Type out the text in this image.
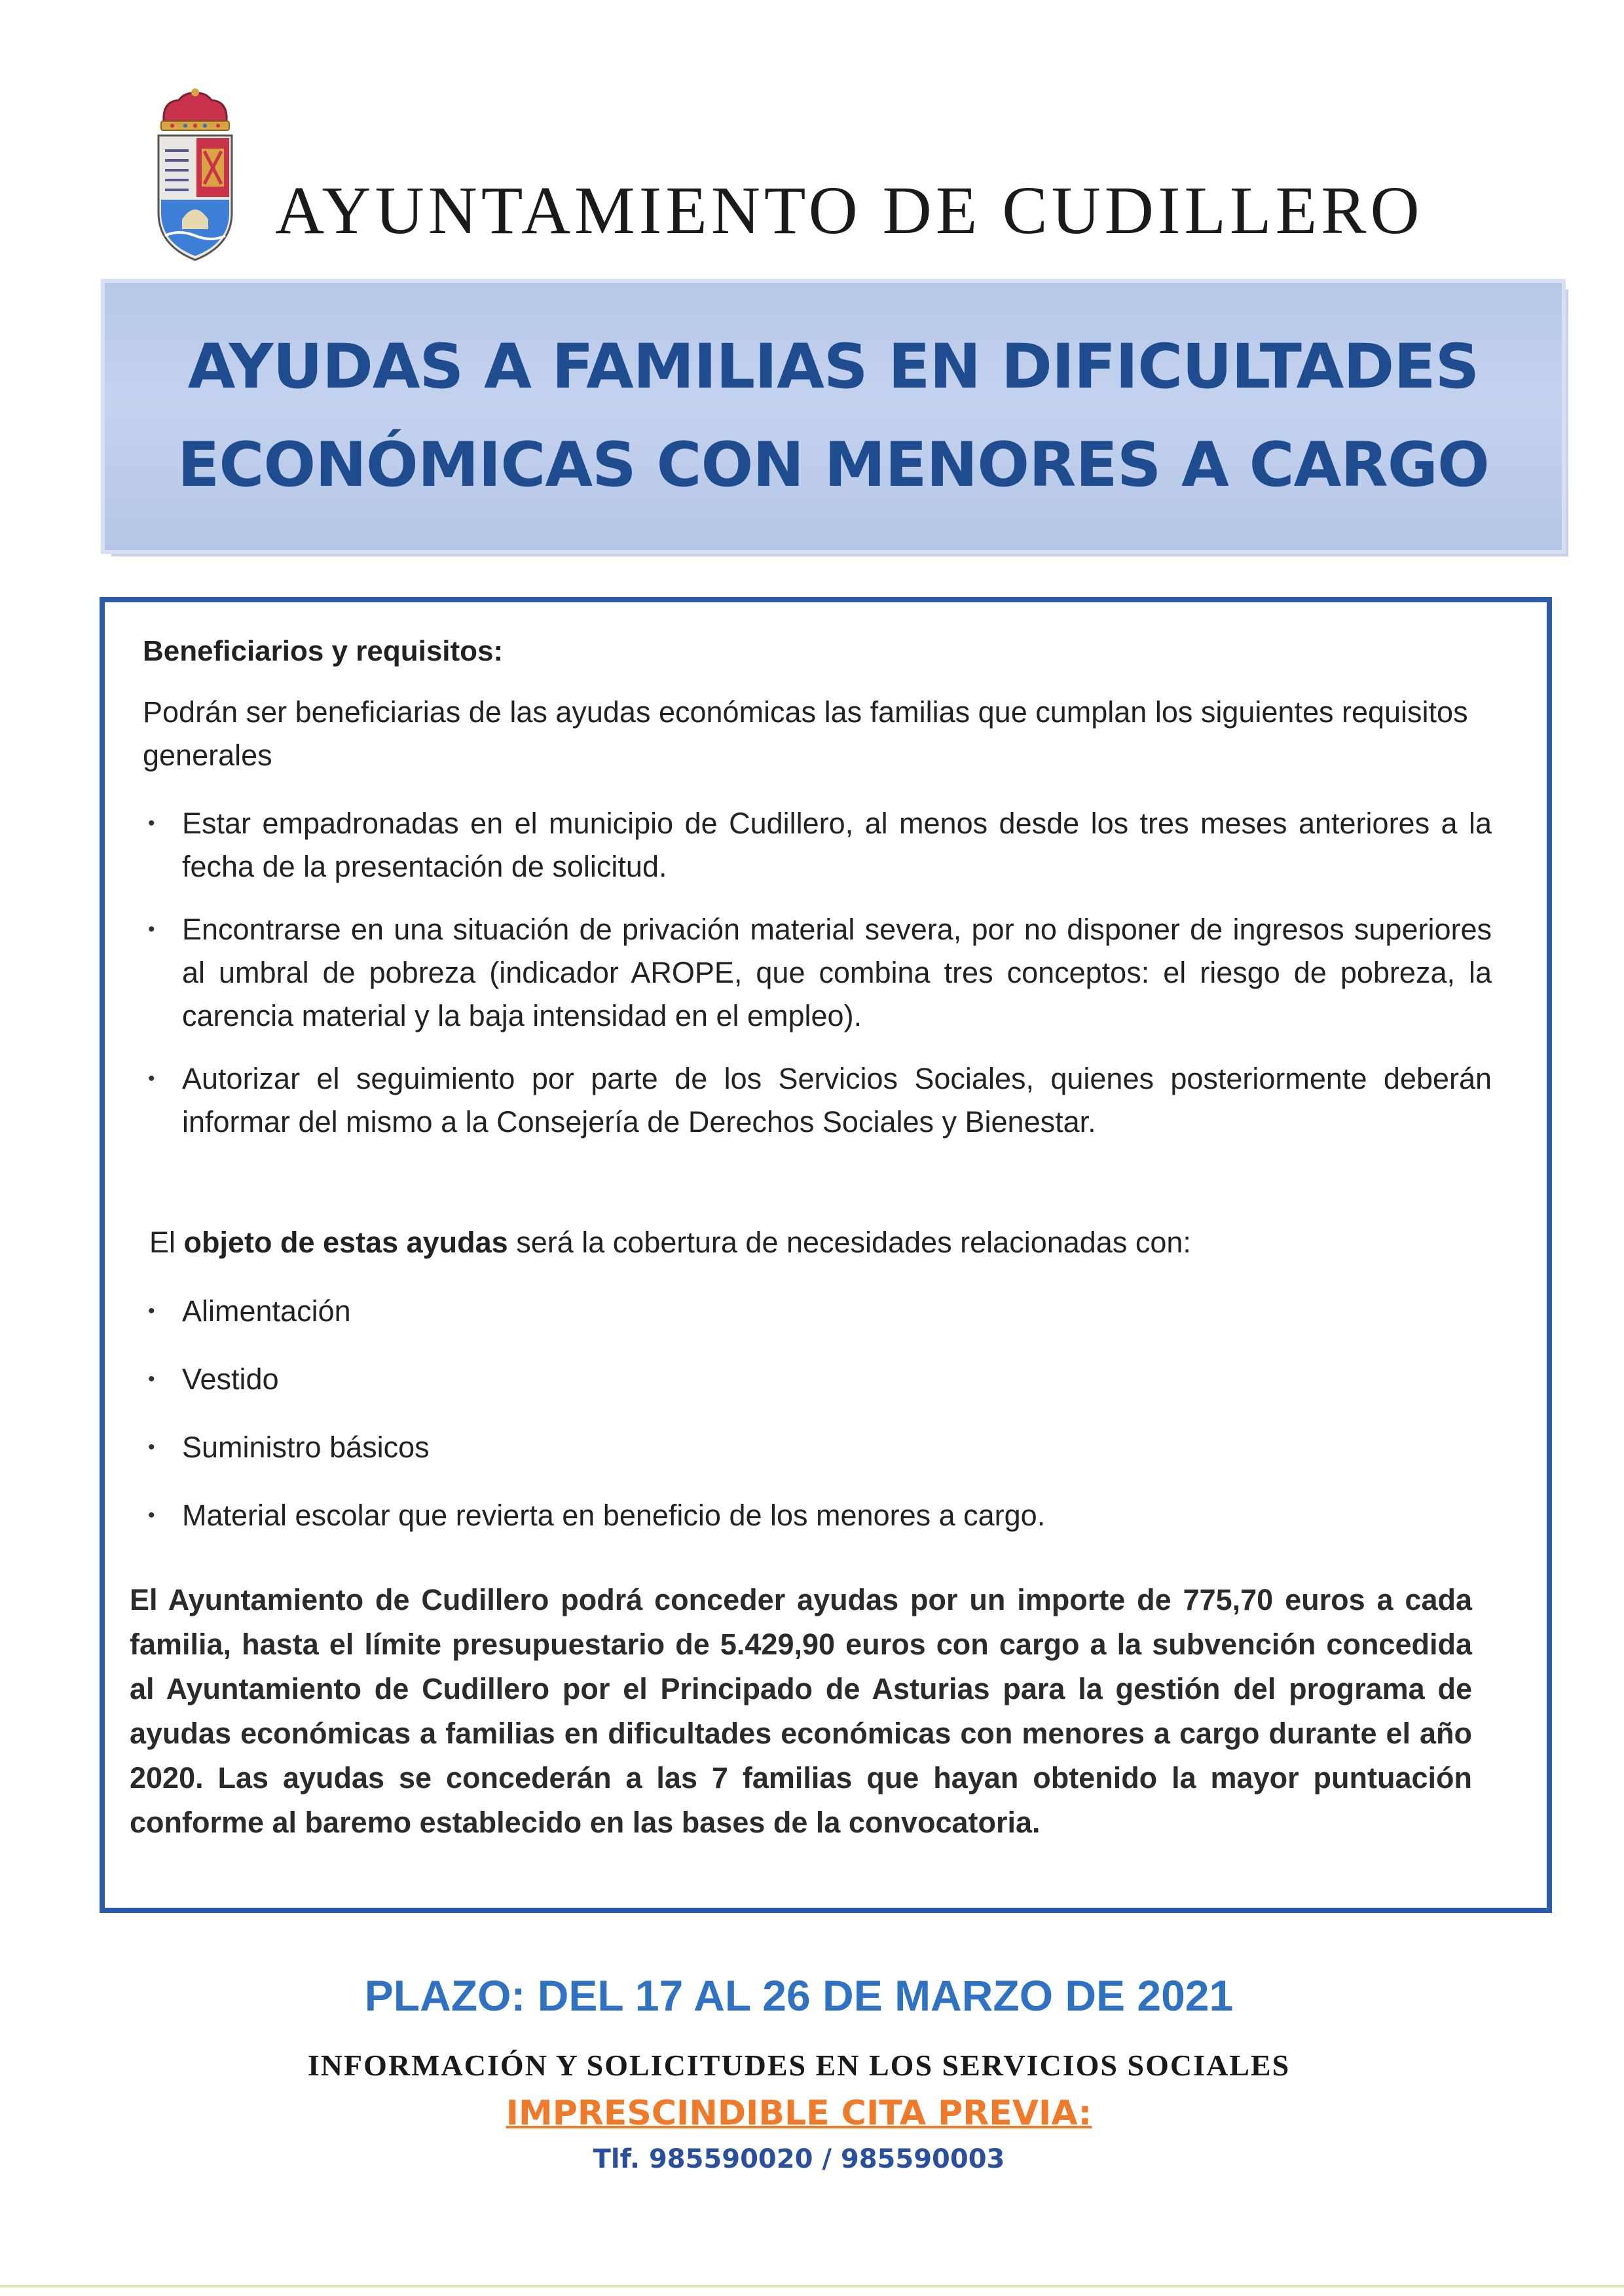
AYUNTAMIENTO DE CUDILLERO
AYUDAS A FAMILIAS EN DIFICULTADES
ECONÓMICAS CON MENORES A CARGO
Beneficiarios y requisitos:
Podrán ser beneficiarias de las ayudas económicas las familias que cumplan los siguientes requisitos generales
• Estar empadronadas en el municipio de Cudillero, al menos desde los tres meses anteriores a la fecha de la presentación de solicitud.
• Encontrarse en una situación de privación material severa, por no disponer de ingresos superiores al umbral de pobreza (indicador AROPE, que combina tres conceptos: el riesgo de pobreza, la carencia material y la baja intensidad en el empleo).
• Autorizar el seguimiento por parte de los Servicios Sociales, quienes posteriormente deberán informar del mismo a la Consejería de Derechos Sociales y Bienestar.
El objeto de estas ayudas será la cobertura de necesidades relacionadas con:
• Alimentación
• Vestido
• Suministro básicos
• Material escolar que revierta en beneficio de los menores a cargo.
El Ayuntamiento de Cudillero podrá conceder ayudas por un importe de 775,70 euros a cada familia, hasta el límite presupuestario de 5.429,90 euros con cargo a la subvención concedida al Ayuntamiento de Cudillero por el Principado de Asturias para la gestión del programa de ayudas económicas a familias en dificultades económicas con menores a cargo durante el año 2020. Las ayudas se concederán a las 7 familias que hayan obtenido la mayor puntuación conforme al baremo establecido en las bases de la convocatoria.
PLAZO: DEL 17 AL 26 DE MARZO DE 2021
INFORMACIÓN Y SOLICITUDES EN LOS SERVICIOS SOCIALES
IMPRESCINDIBLE CITA PREVIA:
Tlf. 985590020 / 985590003
